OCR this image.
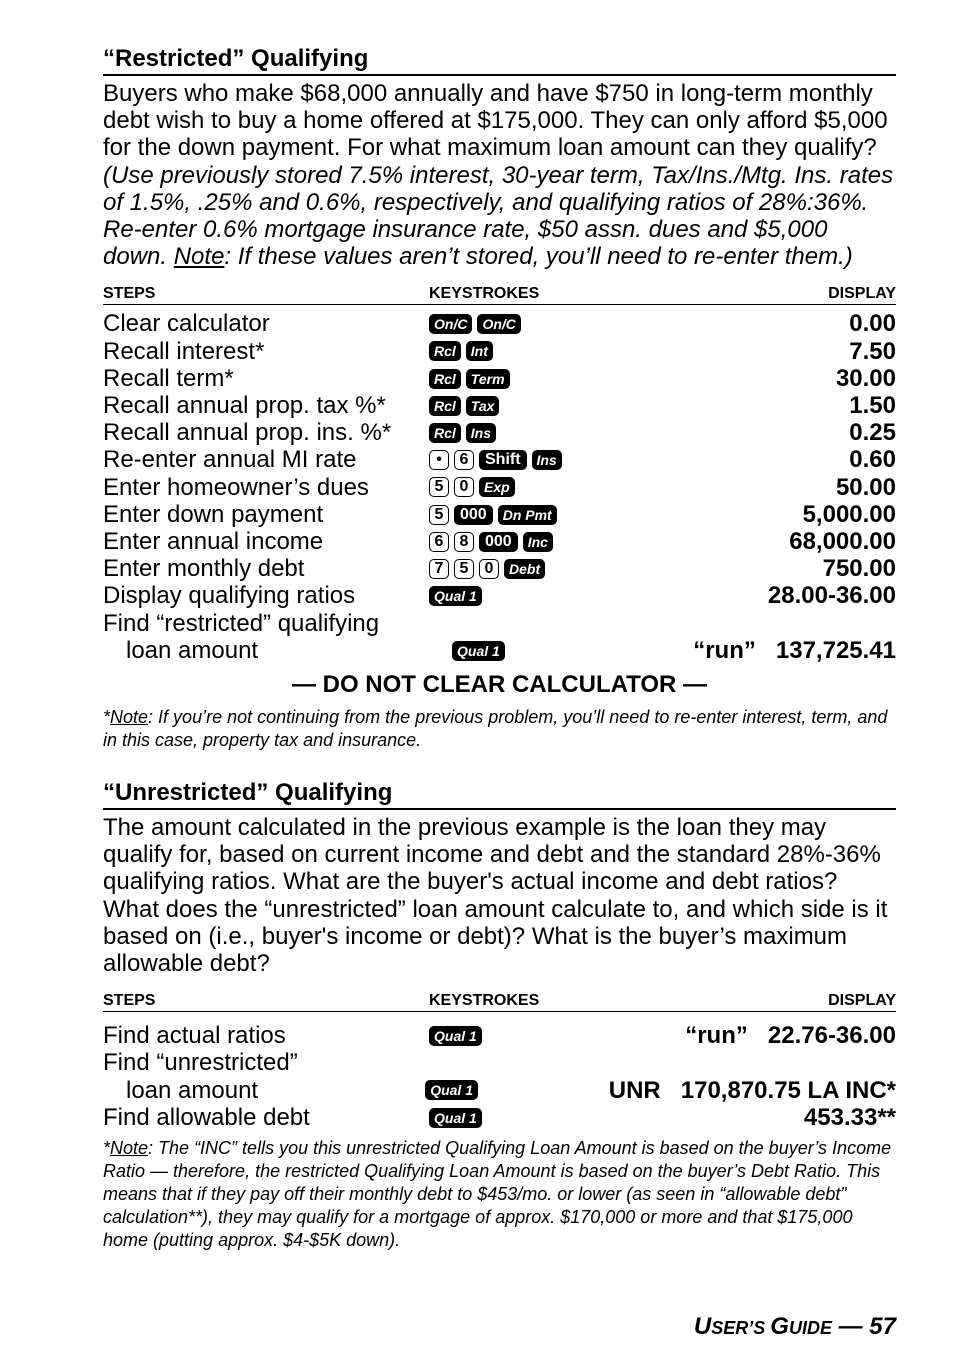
“Restricted” Qualifying
Buyers who make $68,000 annually and have $750 in long-term monthly debt wish to buy a home offered at $175,000. They can only afford $5,000 for the down payment. For what maximum loan amount can they qualify? (Use previously stored 7.5% interest, 30-year term, Tax/Ins./Mtg. Ins. rates of 1.5%, .25% and 0.6%, respectively, and qualifying ratios of 28%:36%. Re-enter 0.6% mortgage insurance rate, $50 assn. dues and $5,000 down. Note: If these values aren’t stored, you’ll need to re-enter them.)
STEPS	KEYSTROKES	DISPLAY
Clear calculator	On/C	On/C	0.00
Recall interest*	Rcl	Int	7.50
Recall term*	Rcl	Term	30.00
Recall annual prop. tax %*	Rcl	Tax	1.50
Recall annual prop. ins. %*	Rcl	Ins	0.25
Re-enter annual MI rate	•	6	Shift	Ins	0.60
Enter homeowner’s dues	5	0	Exp	50.00
Enter down payment	5	000	Dn Pmt	5,000.00
Enter annual income	6	8	000	Inc	68,000.00
Enter monthly debt	7	5	0	Debt	750.00
Display qualifying ratios	Qual 1	28.00-36.00
Find “restricted” qualifying
loan amount	Qual 1	“run”   137,725.41
— DO NOT CLEAR CALCULATOR —
*Note: If you’re not continuing from the previous problem, you’ll need to re-enter interest, term, and in this case, property tax and insurance.
“Unrestricted” Qualifying
The amount calculated in the previous example is the loan they may qualify for, based on current income and debt and the standard 28%-36% qualifying ratios. What are the buyer's actual income and debt ratios? What does the “unrestricted” loan amount calculate to, and which side is it based on (i.e., buyer's income or debt)? What is the buyer’s maximum allowable debt?
STEPS	KEYSTROKES	DISPLAY
Find actual ratios	Qual 1	“run”   22.76-36.00
Find “unrestricted”
loan amount	Qual 1	UNR   170,870.75 LA INC*
Find allowable debt	Qual 1	453.33**
*Note: The “INC” tells you this unrestricted Qualifying Loan Amount is based on the buyer’s Income Ratio — therefore, the restricted Qualifying Loan Amount is based on the buyer’s Debt Ratio. This means that if they pay off their monthly debt to $453/mo. or lower (as seen in “allowable debt” calculation**), they may qualify for a mortgage of approx. $170,000 or more and that $175,000 home (putting approx. $4-$5K down).
USER’S GUIDE — 57
